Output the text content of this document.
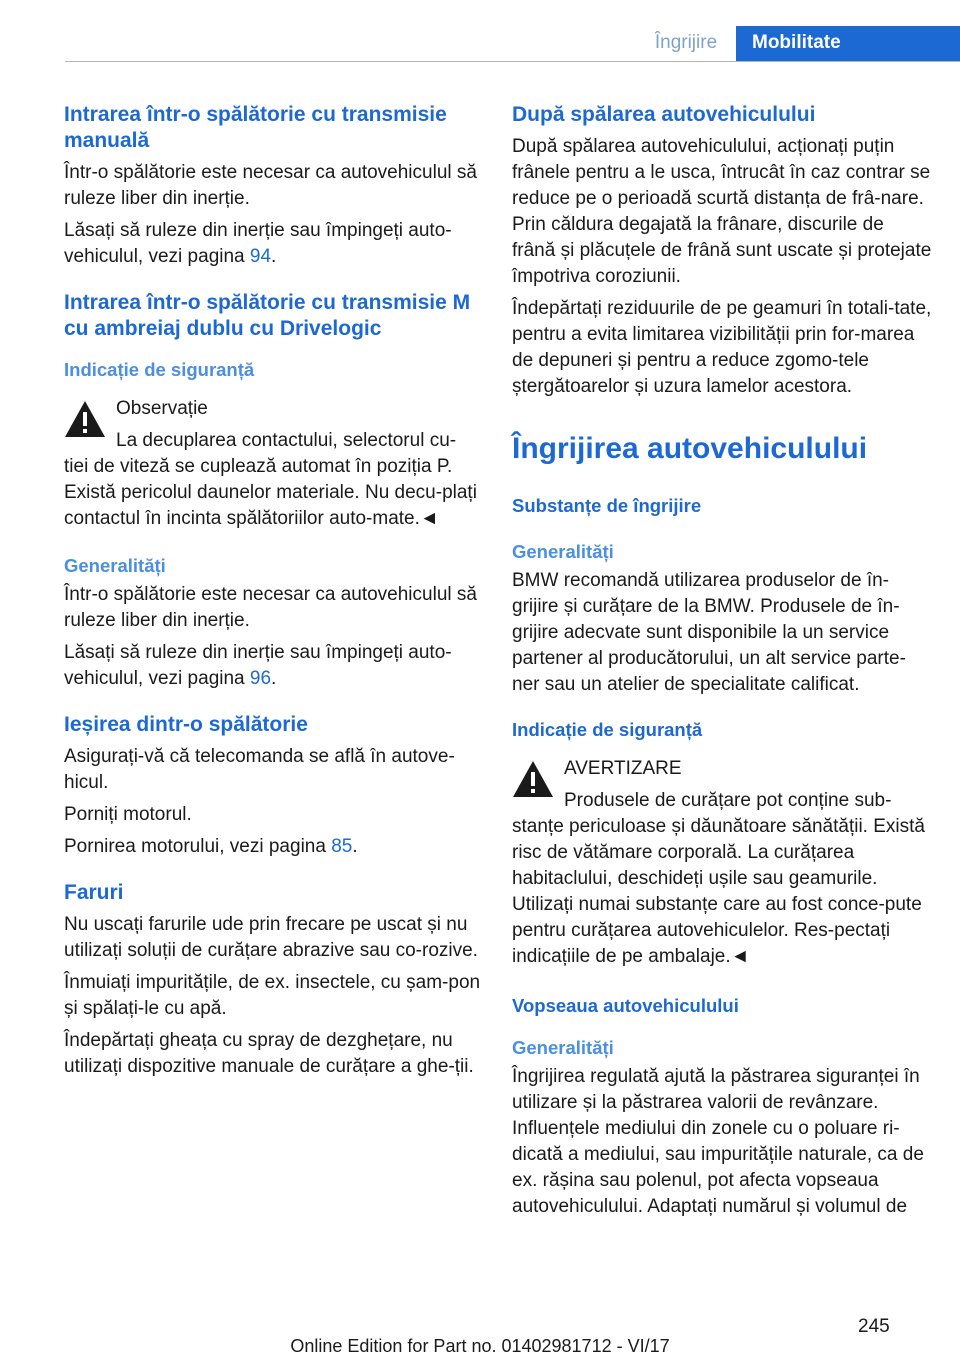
Îngrijire	Mobilitate
Intrarea într-o spălătorie cu transmisie manuală
Într-o spălătorie este necesar ca autovehiculul să ruleze liber din inerție.
Lăsați să ruleze din inerție sau împingeți auto-vehiculul, vezi pagina 94.
Intrarea într-o spălătorie cu transmisie M cu ambreiaj dublu cu Drivelogic
Indicație de siguranță
Observație
La decuplarea contactului, selectorul cu-
tiei de viteză se cuplează automat în poziția P. Există pericolul daunelor materiale. Nu decu-plați contactul în incinta spălătoriilor auto-mate.◄
Generalități
Într-o spălătorie este necesar ca autovehiculul să ruleze liber din inerție.
Lăsați să ruleze din inerție sau împingeți auto-vehiculul, vezi pagina 96.
Ieșirea dintr-o spălătorie
Asigurați-vă că telecomanda se află în autove-hicul.
Porniți motorul.
Pornirea motorului, vezi pagina 85.
Faruri
Nu uscați farurile ude prin frecare pe uscat și nu utilizați soluții de curățare abrazive sau co-rozive.
Înmuiați impuritățile, de ex. insectele, cu șam-pon și spălați-le cu apă.
Îndepărtați gheața cu spray de dezghețare, nu utilizați dispozitive manuale de curățare a ghe-ții.
După spălarea autovehiculului
După spălarea autovehiculului, acționați puțin frânele pentru a le usca, întrucât în caz contrar se reduce pe o perioadă scurtă distanța de frâ-nare. Prin căldura degajată la frânare, discurile de frână și plăcuțele de frână sunt uscate și protejate împotriva coroziunii.
Îndepărtați reziduurile de pe geamuri în totali-tate, pentru a evita limitarea vizibilității prin for-marea de depuneri și pentru a reduce zgomo-tele ștergătoarelor și uzura lamelor acestora.
Îngrijirea autovehiculului
Substanțe de îngrijire
Generalități
BMW recomandă utilizarea produselor de în-grijire și curățare de la BMW. Produsele de în-grijire adecvate sunt disponibile la un service partener al producătorului, un alt service parte-ner sau un atelier de specialitate calificat.
Indicație de siguranță
AVERTIZARE
Produsele de curățare pot conține sub-
stanțe periculoase și dăunătoare sănătății. Există risc de vătămare corporală. La curățarea habitaclului, deschideți ușile sau geamurile. Utilizați numai substanțe care au fost conce-pute pentru curățarea autovehiculelor. Res-pectați indicațiile de pe ambalaje.◄
Vopseaua autovehiculului
Generalități
Îngrijirea regulată ajută la păstrarea siguranței în utilizare și la păstrarea valorii de revânzare. Influențele mediului din zonele cu o poluare ri-dicată a mediului, sau impuritățile naturale, ca de ex. rășina sau polenul, pot afecta vopseaua autovehiculului. Adaptați numărul și volumul de
245
Online Edition for Part no. 01402981712 - VI/17
